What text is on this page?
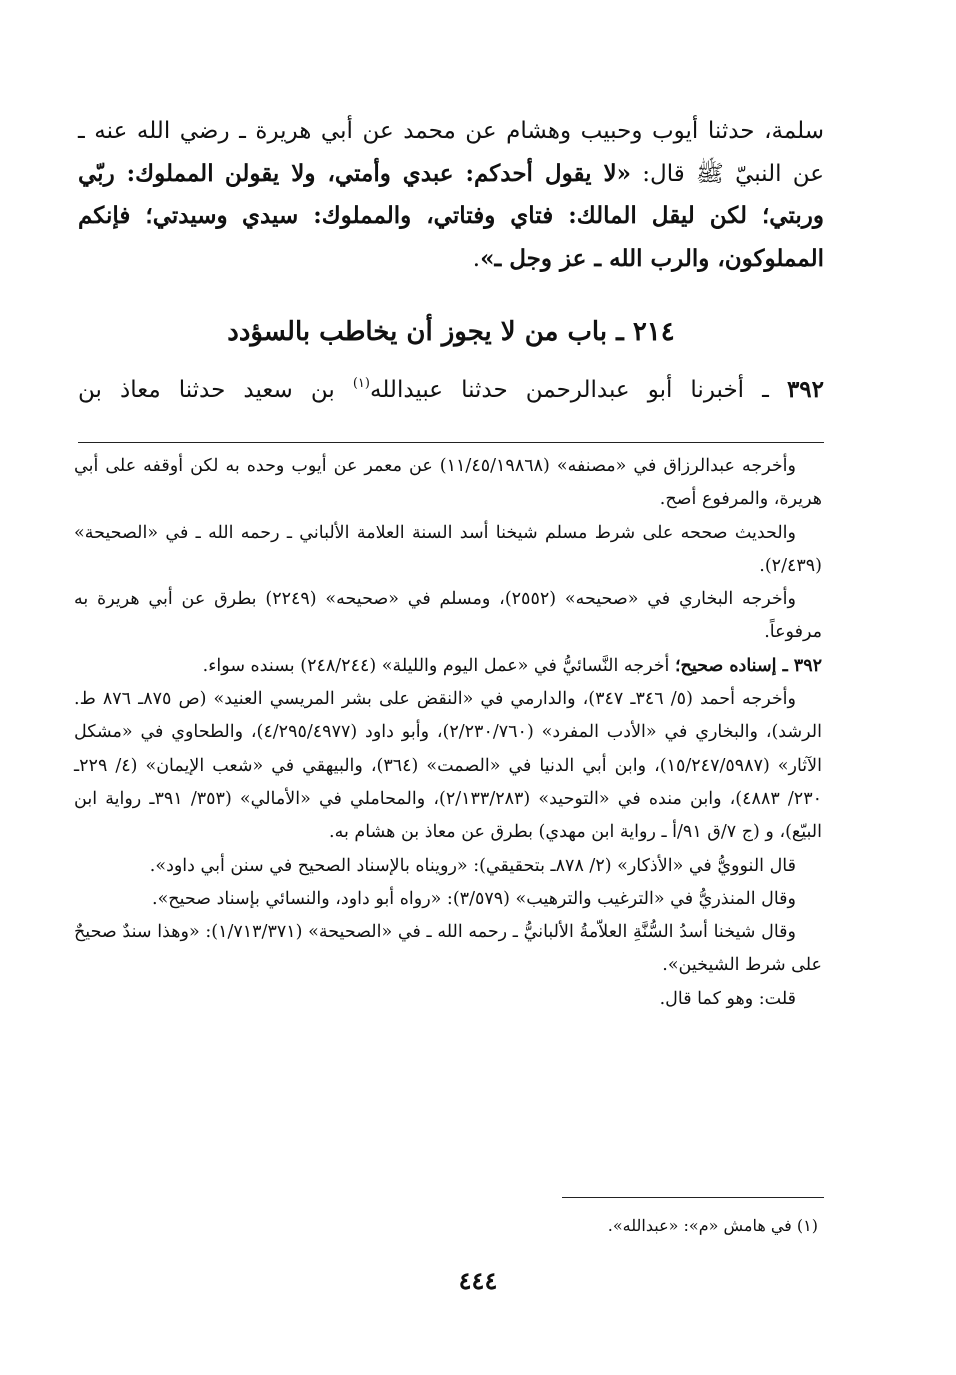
سلمة، حدثنا أيوب وحبيب وهشام عن محمد عن أبي هريرة ـ رضي الله عنه ـ عن النبيّ ﷺ قال: «لا يقول أحدكم: عبدي وأمتي، ولا يقولن المملوك: ربّي وربتي؛ لكن ليقل المالك: فتاي وفتاتي، والمملوك: سيدي وسيدتي؛ فإنكم المملوكون، والرب الله ـ عز وجل ـ».

٢١٤ ـ باب من لا يجوز أن يخاطب بالسؤدد
٣٩٢ ـ أخبرنا أبو عبدالرحمن حدثنا عبيدالله$^{(١)}$ بن سعيد حدثنا معاذ بن

وأخرجه عبدالرزاق في «مصنفه» (١١/٤٥/١٩٨٦٨) عن معمر عن أيوب وحده به لكن أوقفه على أبي هريرة، والمرفوع أصح.

والحديث صححه على شرط مسلم شيخنا أسد السنة العلامة الألباني ـ رحمه الله ـ في «الصحيحة» (٢/٤٣٩).

وأخرجه البخاري في «صحيحه» (٢٥٥٢)، ومسلم في «صحيحه» (٢٢٤٩) بطرق عن أبي هريرة به مرفوعاً.

٣٩٢ ـ إسناده صحيح؛ أخرجه النَّسائيُّ في «عمل اليوم والليلة» (٢٤٨/٢٤٤) بسنده سواء.

وأخرجه أحمد (٥/ ٣٤٦ـ ٣٤٧)، والدارمي في «النقض على بشر المريسي العنيد» (ص ٨٧٥ـ ٨٧٦ ط. الرشد)، والبخاري في «الأدب المفرد» (٢/٢٣٠/٧٦٠)، وأبو داود (٤/٢٩٥/٤٩٧٧)، والطحاوي في «مشكل الآثار» (١٥/٢٤٧/٥٩٨٧)، وابن أبي الدنيا في «الصمت» (٣٦٤)، والبيهقي في «شعب الإيمان» (٤/ ٢٢٩ـ ٢٣٠/ ٤٨٨٣)، وابن منده في «التوحيد» (٢/١٣٣/٢٨٣)، والمحاملي في «الأمالي» (٣٥٣/ ٣٩١ـ رواية ابن البيّع)، و (ج ٧/ق ٩١/أ ـ رواية ابن مهدي) بطرق عن معاذ بن هشام به.

قال النوويُّ في «الأذكار» (٢/ ٨٧٨ـ بتحقيقي): «رويناه بالإسناد الصحيح في سنن أبي داود».

وقال المنذريُّ في «الترغيب والترهيب» (٣/٥٧٩): «رواه أبو داود، والنسائي بإسناد صحيح».

وقال شيخنا أسدُ السُّنَّةِ العلاّمةُ الألبانيُّ ـ رحمه الله ـ في «الصحيحة» (١/٧١٣/٣٧١): «وهذا سندٌ صحيحٌ على شرط الشيخين».

قلت: وهو كما قال.

(١) في هامش «م»: «عبدالله».
٤٤٤
